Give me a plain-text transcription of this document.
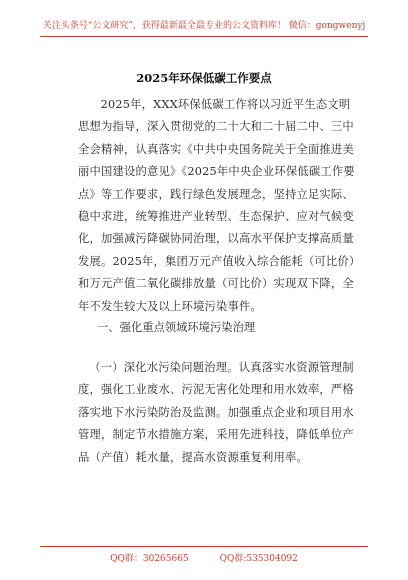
关注头条号“公文研究”，获得最新最全最专业的公文资料库！ 微信：gongwenyj
2025年环保低碳工作要点

2025年，XXX环保低碳工作将以习近平生态文明思想为指导，深入贯彻党的二十大和二十届二中、三中全会精神，认真落实《中共中央国务院关于全面推进美丽中国建设的意见》《2025年中央企业环保低碳工作要点》等工作要求，践行绿色发展理念，坚持立足实际、稳中求进，统筹推进产业转型、生态保护、应对气候变化，加强减污降碳协同治理，以高水平保护支撑高质量发展。2025年，集团万元产值收入综合能耗（可比价）和万元产值二氧化碳排放量（可比价）实现双下降，全年不发生较大及以上环境污染事件。

一、强化重点领域环境污染治理

（一）深化水污染问题治理。认真落实水资源管理制度，强化工业废水、污泥无害化处理和用水效率，严格落实地下水污染防治及监测。加强重点企业和项目用水管理，制定节水措施方案，采用先进科技，降低单位产品（产值）耗水量，提高水资源重复利用率。

QQ群：30265665	QQ群:535304092
